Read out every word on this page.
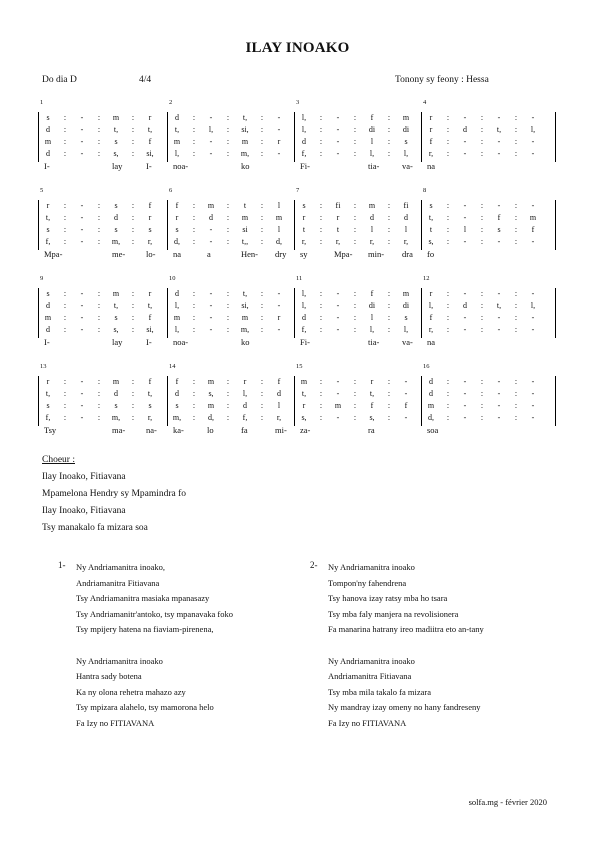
ILAY INOAKO
Do dia D	4/4	Tonony sy feony : Hessa
1	2	3	4
s	:	-	:	m	:	r	d	:	-	:	t,	:	-	l,	:	-	:	f	:	m	r	:	-	:	-	:	-
d	:	-	:	t,	:	t,	t,	:	l,	:	si,	:	-	l,	:	-	:	di	:	di	r	:	d	:	t,	:	l,
m	:	-	:	s	:	f	m	:	-	:	m	:	r	d	:	-	:	l	:	s	f	:	-	:	-	:	-
d	:	-	:	s,	:	si,	l,	:	-	:	m,	:	-	f,	:	-	:	l,	:	l,	r,	:	-	:	-	:	-
I-	lay	I-	noa-	ko	Fi-	tia-	va- na
5	6	7	8
r	:	-	:	s	:	f	f	:	m	:	t	:	l	s	:	fi	:	m	:	fi	s	:	-	:	-	:	-
t,	:	-	:	d	:	r	r	:	d	:	m	:	m	r	:	r	:	d	:	d	t,	:	-	:	f	:	m
s	:	-	:	s	:	s	s	:	-	:	si	:	l	t	:	t	:	l	:	l	t	:	l	:	s	:	f
f,	:	-	:	m,	:	r,	d,	:	-	:	t,,	:	d,	r,	:	r,	:	r,	:	r,	s,	:	-	:	-	:	-
Mpa-	me- lo- na	a	Hen- dry sy	Mpa- min- dra fo
9	10	11	12
s	:	-	:	m	:	r	d	:	-	:	t,	:	-	l,	:	-	:	f	:	m	r	:	-	:	-	:	-
d	:	-	:	t,	:	t,	l,	:	-	:	si,	:	-	l,	:	-	:	di	:	di	l,	:	d	:	t,	:	l,
m	:	-	:	s	:	f	m	:	-	:	m	:	r	d	:	-	:	l	:	s	f	:	-	:	-	:	-
d	:	-	:	s,	:	si,	l,	:	-	:	m,	:	-	f,	:	-	:	l,	:	l,	r,	:	-	:	-	:	-
I-	lay	I-	noa-	ko	Fi-	tia-	va- na
13	14	15	16
r	:	-	:	m	:	f	f	:	m	:	r	:	f	m	:	-	:	r	:	-	d	:	-	:	-	:	-
t,	:	-	:	d	:	t,	d	:	s,	:	l,	:	d	t,	:	-	:	t,	:	-	d	:	-	:	-	:	-
s	:	-	:	s	:	s	s	:	m	:	d	:	l	r	:	m	:	f	:	f	m	:	-	:	-	:	-
f,	:	-	:	m,	:	r,	m,	:	d,	:	f,	:	r,	s,	:	-	:	s,	:	-	d,	:	-	:	-	:	-
Tsy	ma- na- ka-	lo	fa	mi- za-	ra	soa
Choeur :
Ilay Inoako, Fitiavana
Mpamelona Hendry sy Mpamindra fo
Ilay Inoako, Fitiavana
Tsy manakalo fa mizara soa
1- Ny Andriamanitra inoako,
Andriamanitra Fitiavana
Tsy Andriamanitra masiaka mpanasazy
Tsy Andriamanitr'antoko, tsy mpanavaka foko
Tsy mpijery hatena na fiaviam-pirenena,
Ny Andriamanitra inoako
Hantra sady botena
Ka ny olona rehetra mahazo azy
Tsy mpizara alahelo, tsy mamorona helo
Fa Izy no FITIAVANA
2- Ny Andriamanitra inoako
Tompon'ny fahendrena
Tsy hanova izay ratsy mba ho tsara
Tsy mba faly manjera na revolisionera
Fa manarina hatrany ireo madiitra eto an-tany
Ny Andriamanitra inoako
Andriamanitra Fitiavana
Tsy mba mila takalo fa mizara
Ny mandray izay omeny no hany fandreseny
Fa Izy no FITIAVANA
solfa.mg - février 2020
